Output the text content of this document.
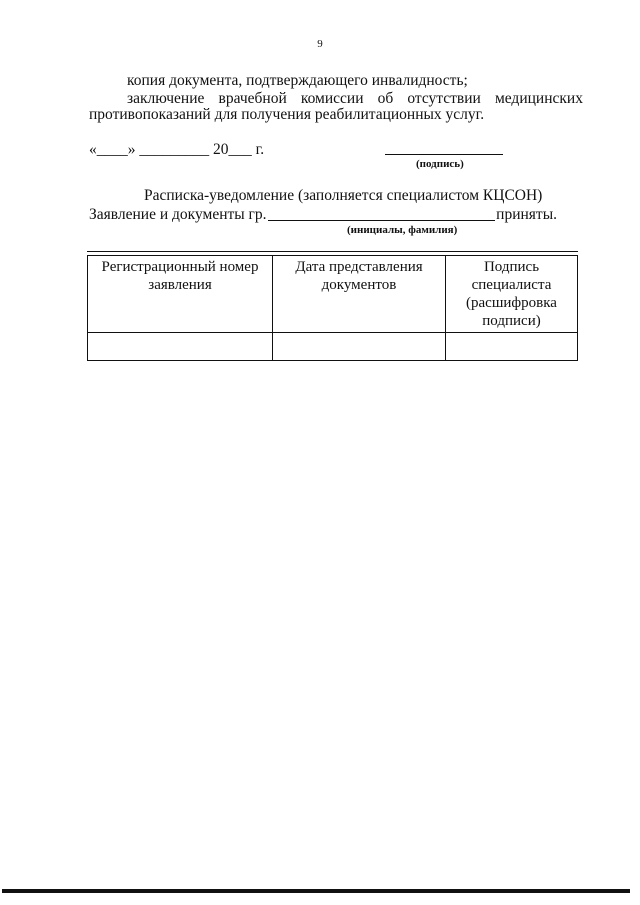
9
копия документа, подтверждающего инвалидность;
заключение врачебной комиссии об отсутствии медицинских
противопоказаний для получения реабилитационных услуг.
«____» _________ 20___ г.
(подпись)
Расписка-уведомление (заполняется специалистом КЦСОН)
Заявление и документы гр.	приняты.
(инициалы, фамилия)
Регистрационный номер заявления	Дата представления документов	Подпись специалиста (расшифровка подписи)
